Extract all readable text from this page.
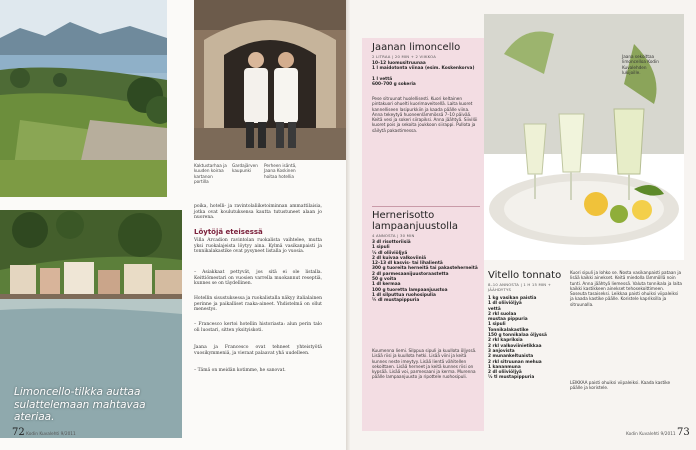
Kaktustarhaa ja kuuden koiraa kartanon portilla
Gardajärven kaupunki
Perheen isäntä, Jaana Koskinen hoitaa hotellia
poika, hotelli- ja ravintolaliiketoiminnan ammattilaisia, jotka ovat koulutuksensa kautta tutustuneet alaan jo nuorena.
Löytöjä eteisessä
Villa Arcadion ravintolan ruokalista vaihtelee, mutta yksi ruokalajeista löytyy aina. Kylmä vasikanpaisti ja tonnikalakastike ovat pysyneet listalla jo vuosia.
– Asiakkaat pettyvät, jos sitä ei ole listalla. Keittiömestari on vuosien varrella muokannut reseptiä, kunnes se on täydellinen.
Hotellin sisustuksessa ja ruokalistalla näkyy italialainen perinne ja paikalliset raaka-aineet. Yhdistelmä on ollut menestys.
– Francesco kertoi hotellin historiasta: alun perin talo oli luostari, sitten yksityiskoti.
Jaana ja Francesco ovat tehneet yhteistyötä vuosikymmeniä, ja vieraat palaavat yhä uudelleen.
– Tämä on meidän kotimme, he sanovat.
Limoncello-tilkka auttaa sulattelemaan mahtavaa ateriaa.
72 Kodin Kuvalehti 9/2011
Jaana sekoittaa limoncelloa Kodin Kuvalehden lukijoille.
Jaanan limoncello
2 LITRAA | 20 MIN + 2 VIIKKOA
10–12 luomusitruunaa
1 l maidotonta viinaa (esim. Koskenkorva)
1 l vettä
600–700 g sokeria
Pese sitruunat huolellisesti. Kuori keltainen pintakuori ohuelti kuorimaveitsellä. Laita kuoret kannelliseen lasipurkkiin ja kaada päälle viina. Anna tekeytyä huoneenlämmössä 7–10 päivää. Keitä vesi ja sokeri siirapiksi. Anna jäähtyä. Siivilöi kuoret pois ja sekoita joukkoon siirappi. Pullota ja säilytä pakastimessa.
Hernerisotto lampaanjuustolla
4 ANNOSTA | 30 MIN
3 dl risottoriisiä
1 sipuli
½ dl oliiviöljyä
2 dl kuivaa valkoviiniä
12–13 dl kasvis- tai lihalientä
300 g tuoreita herneitä tai pakasteherneitä
2 dl parmesaanijuustoraastetta
50 g voita
1 dl kermaa
100 g tuoretta lampaanjuustoa
1 dl silputtua ruohosipulia
¼ dl mustapippuria
Kuumenna liemi. Silppua sipuli ja kuullota öljyssä. Lisää riisi ja kuullota hetki. Lisää viini ja keitä kunnes neste imeytyy. Lisää lientä vähitellen sekoittaen. Lisää herneet ja keitä kunnes riisi on kypsää. Lisää voi, parmesaani ja kerma. Murenna päälle lampaanjuusto ja ripottele ruohosipuli.
Vitello tonnato
8–10 ANNOSTA | 1 H 15 MIN + JÄÄHDYTYS
1 kg vasikan paistia
1 dl oliiviöljyä
vettä
2 rkl suolaa
mustaa pippuria
1 sipuli
Tonnikalakastike
150 g tonnikalaa öljyssä
2 rkl kapriksia
2 rkl valkoviinietikkaa
3 anjovista
2 munankeltuaista
2 rkl sitruunan mehua
1 kananmuna
2 dl oliiviöljyä
½ tl mustapippuria
Kuori sipuli ja lohko se. Nosta vasikanpaisti pataan ja lisää kaikki ainekset. Keitä miedolla lämmöllä noin tunti. Anna jäähtyä liemessä. Valuta tonnikala ja laita kaikki kastikkeen ainekset tehosekoittimeen. Soseuta tasaiseksi. Leikkaa paisti ohuiksi viipaleiksi ja kaada kastike päälle. Koristele kapriksilla ja sitruunalla.
LEIKKAA paisti ohuiksi viipaleiksi. Kaada kastike päälle ja koristele.
Kodin Kuvalehti 9/2011 73
